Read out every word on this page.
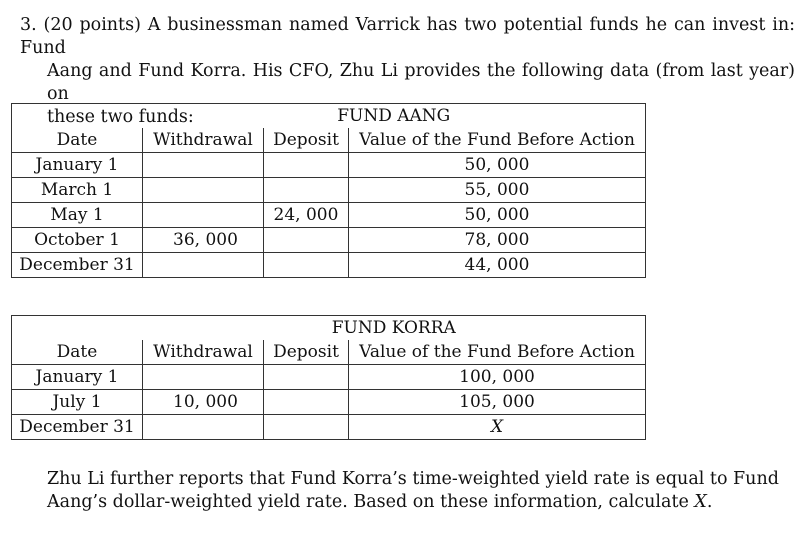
3. (20 points) A businessman named Varrick has two potential funds he can invest in: Fund
Aang and Fund Korra. His CFO, Zhu Li provides the following data (from last year) on
these two funds:
		FUND AANG		
Date	Withdrawal	Deposit	Value of the Fund Before Action
January 1			50, 000
March 1			55, 000
May 1		24, 000	50, 000
October 1	36, 000		78, 000
December 31			44, 000
	FUND KORRA		
Date	Withdrawal	Deposit	Value of the Fund Before Action
January 1			100, 000
July 1	10, 000		105, 000
December 31			X
Zhu Li further reports that Fund Korra’s time-weighted yield rate is equal to Fund
Aang’s dollar-weighted yield rate. Based on these information, calculate X.
